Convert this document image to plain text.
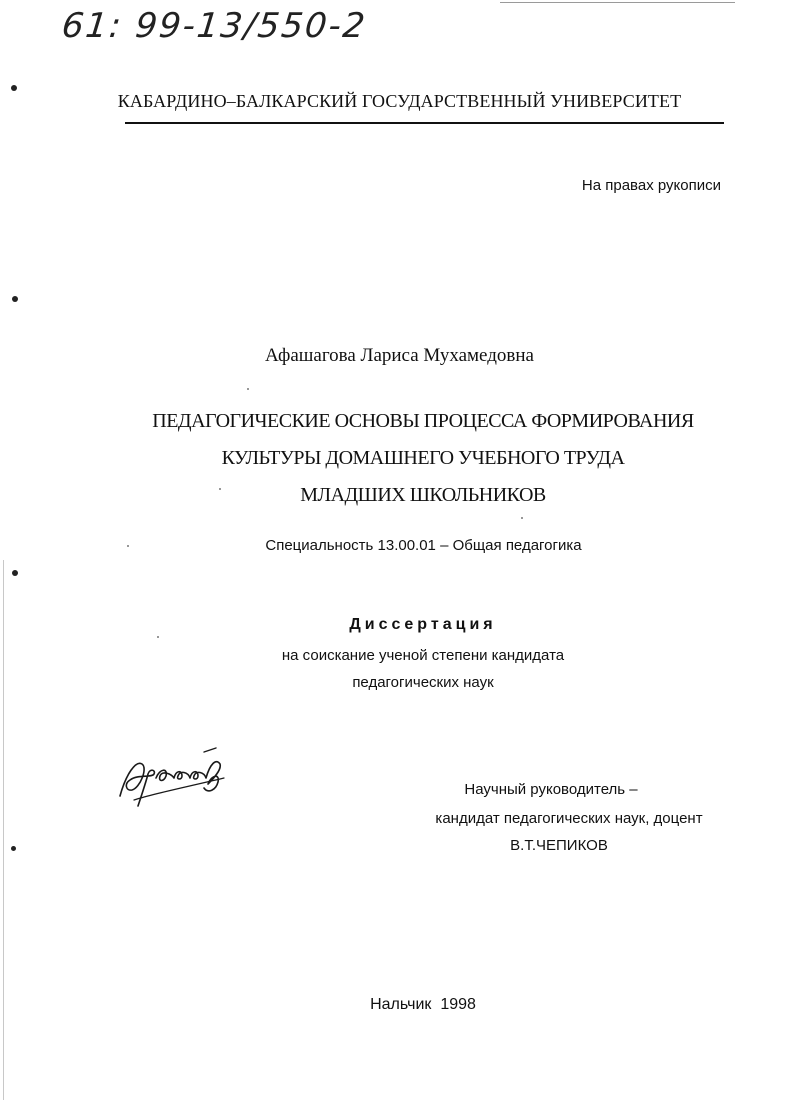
61: 99-13/550-2
КАБАРДИНО–БАЛКАРСКИЙ ГОСУДАРСТВЕННЫЙ УНИВЕРСИТЕТ
На правах рукописи
Афашагова Лариса Мухамедовна
ПЕДАГОГИЧЕСКИЕ ОСНОВЫ ПРОЦЕССА ФОРМИРОВАНИЯ
КУЛЬТУРЫ ДОМАШНЕГО УЧЕБНОГО ТРУДА
МЛАДШИХ ШКОЛЬНИКОВ
Специальность 13.00.01 – Общая педагогика
Диссертация
на соискание ученой степени кандидата
педагогических наук
Научный руководитель –
кандидат педагогических наук, доцент
В.Т.ЧЕПИКОВ
Нальчик  1998
